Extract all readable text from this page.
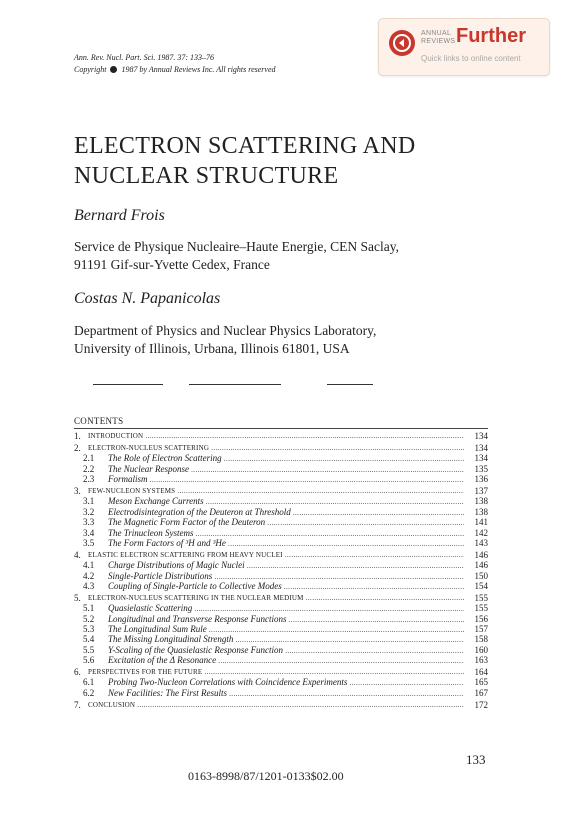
Ann. Rev. Nucl. Part. Sci. 1987. 37: 133–76
Copyright 1987 by Annual Reviews Inc. All rights reserved
ANNUAL
REVIEWS Further
Quick links to online content
ELECTRON SCATTERING AND
NUCLEAR STRUCTURE
Bernard Frois
Service de Physique Nucleaire–Haute Energie, CEN Saclay,
91191 Gif-sur-Yvette Cedex, France
Costas N. Papanicolas
Department of Physics and Nuclear Physics Laboratory,
University of Illinois, Urbana, Illinois 61801, USA
CONTENTS
1. INTRODUCTION .....	134
2. ELECTRON-NUCLEUS SCATTERING .....	134
2.1 The Role of Electron Scattering .....	134
2.2 The Nuclear Response .....	135
2.3 Formalism .....	136
3. FEW-NUCLEON SYSTEMS .....	137
3.1 Meson Exchange Currents .....	138
3.2 Electrodisintegration of the Deuteron at Threshold .....	138
3.3 The Magnetic Form Factor of the Deuteron .....	141
3.4 The Trinucleon Systems .....	142
3.5 The Form Factors of ³H and ³He .....	143
4. ELASTIC ELECTRON SCATTERING FROM HEAVY NUCLEI .....	146
4.1 Charge Distributions of Magic Nuclei .....	146
4.2 Single-Particle Distributions .....	150
4.3 Coupling of Single-Particle to Collective Modes .....	154
5. ELECTRON-NUCLEUS SCATTERING IN THE NUCLEAR MEDIUM .....	155
5.1 Quasielastic Scattering .....	155
5.2 Longitudinal and Transverse Response Functions .....	156
5.3 The Longitudinal Sum Rule .....	157
5.4 The Missing Longitudinal Strength .....	158
5.5 Y-Scaling of the Quasielastic Response Function .....	160
5.6 Excitation of the Δ Resonance .....	163
6. PERSPECTIVES FOR THE FUTURE .....	164
6.1 Probing Two-Nucleon Correlations with Coincidence Experiments .....	165
6.2 New Facilities: The First Results .....	167
7. CONCLUSION .....	172
133
0163-8998/87/1201-0133$02.00
